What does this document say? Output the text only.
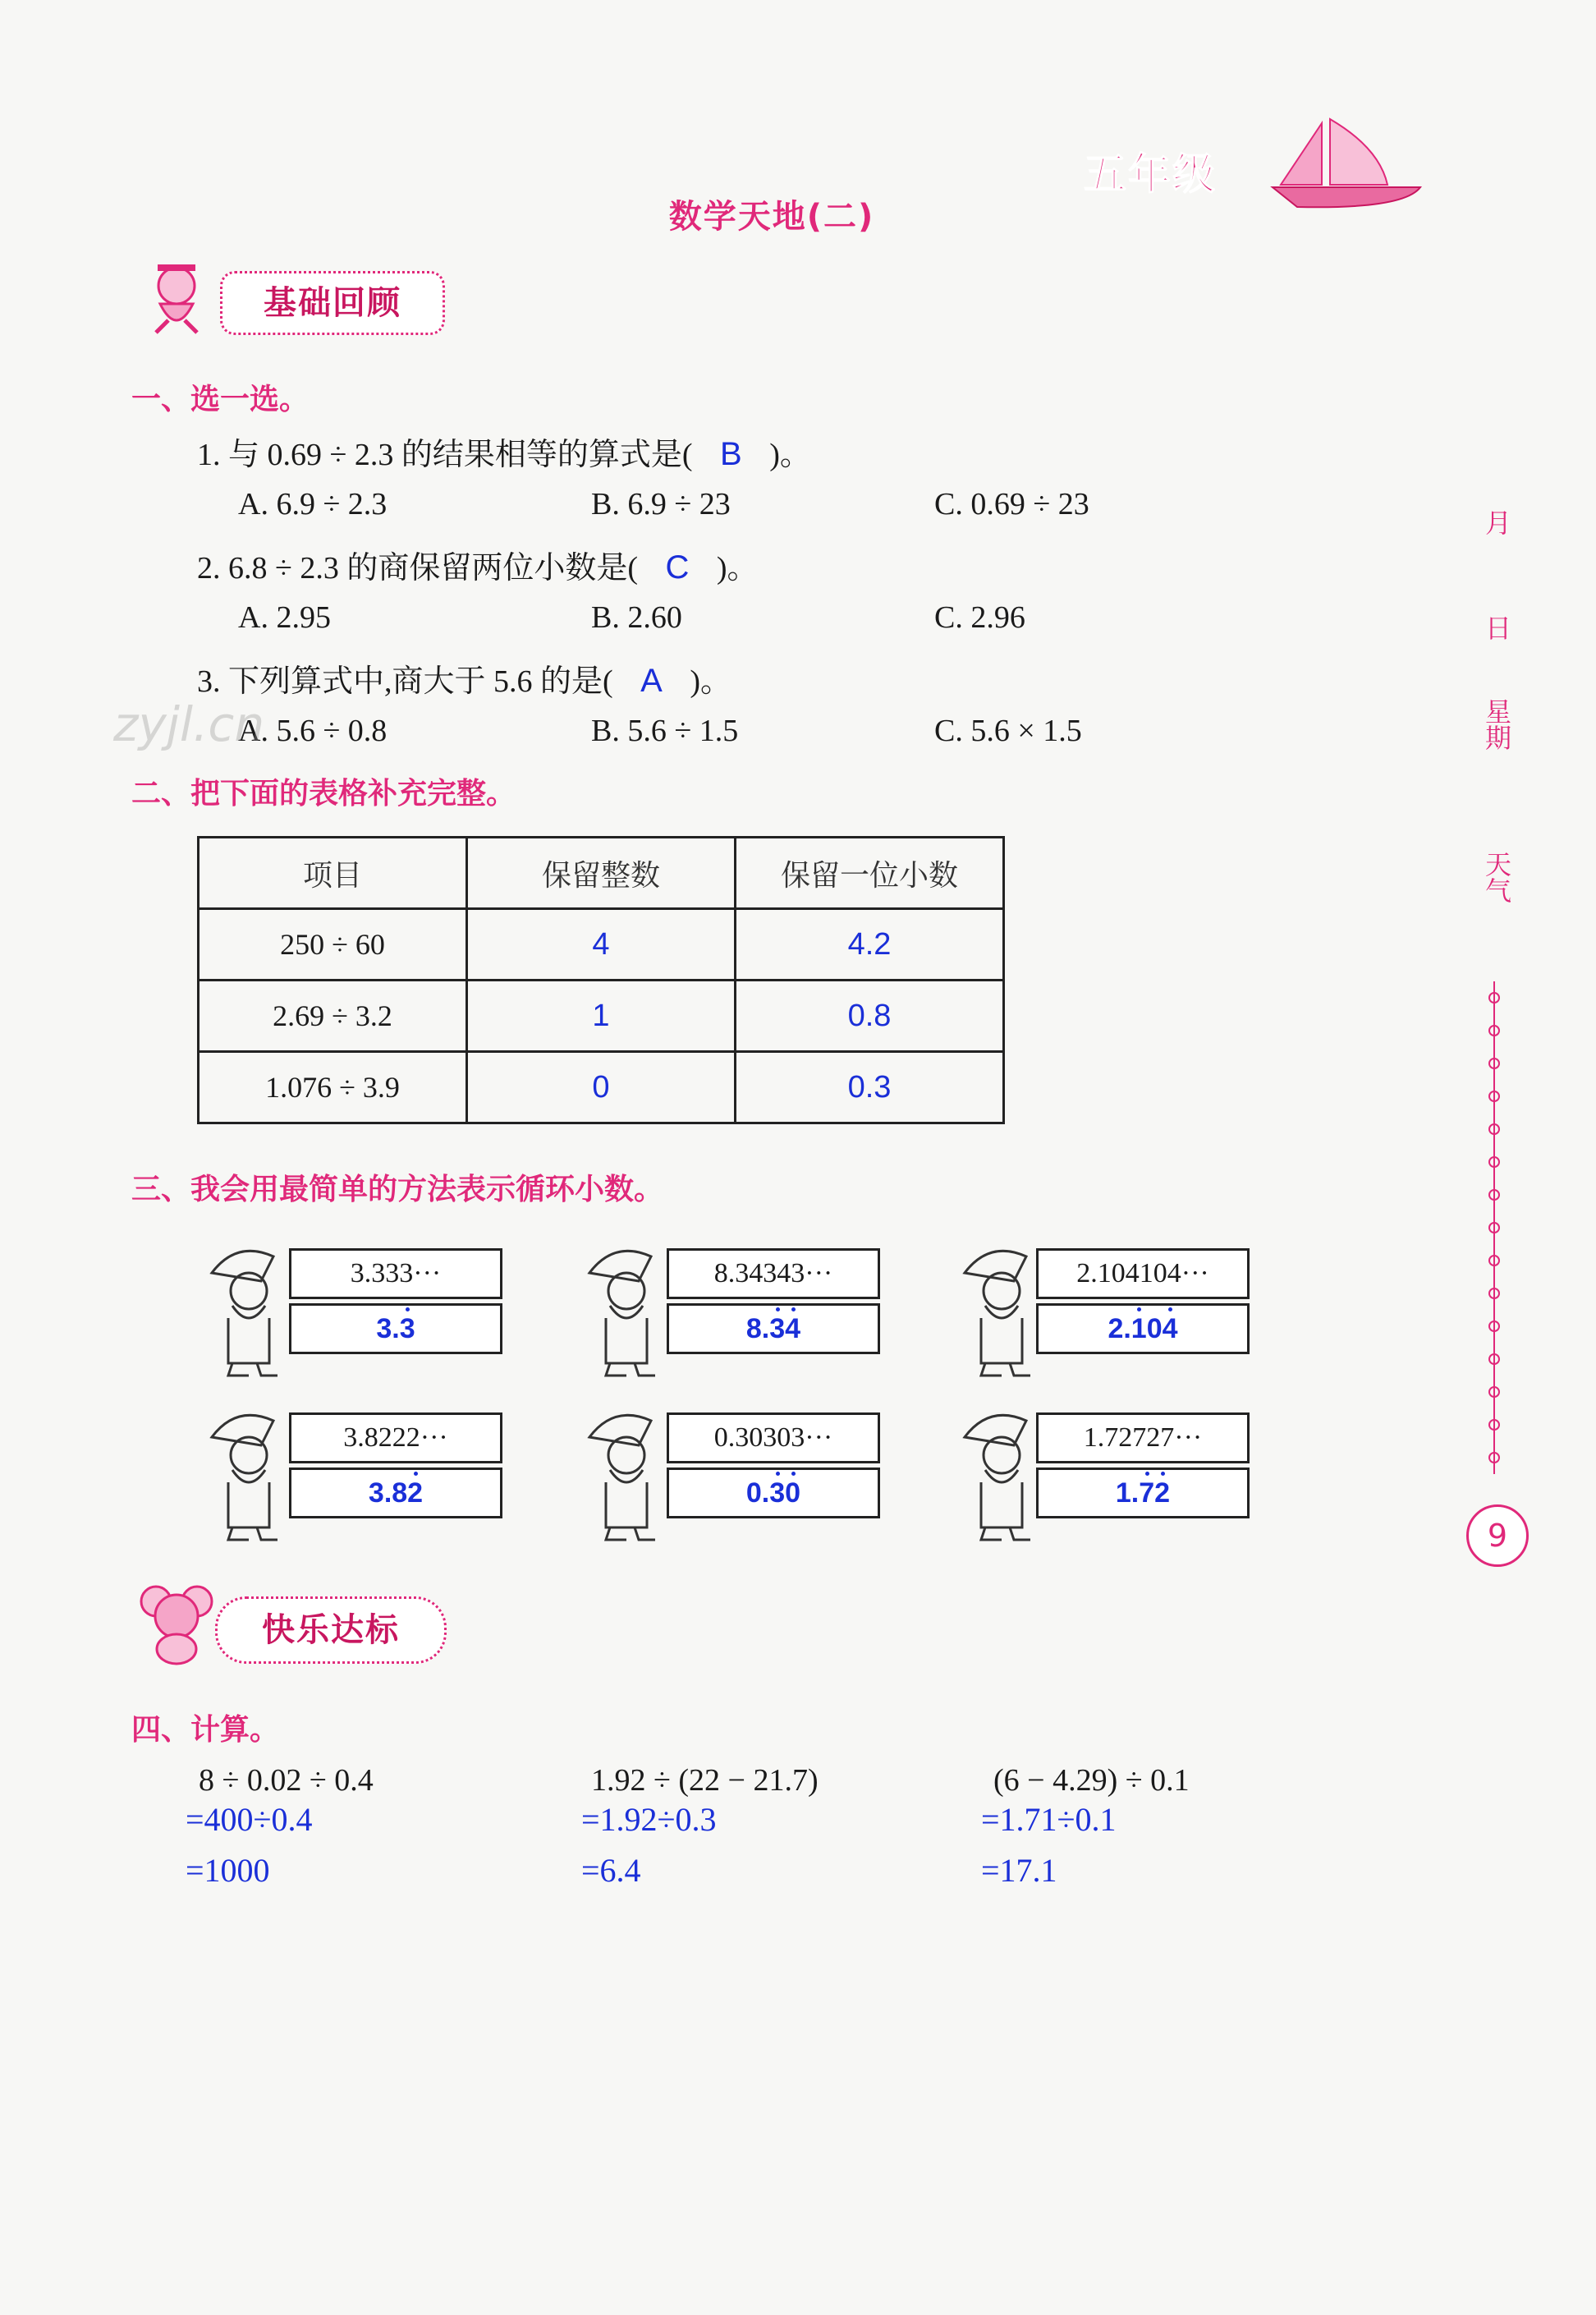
五年级
数学天地(二)
基础回顾
一、选一选。
1. 与 0.69 ÷ 2.3 的结果相等的算式是( B )。
A. 6.9 ÷ 2.3	B. 6.9 ÷ 23	C. 0.69 ÷ 23
2. 6.8 ÷ 2.3 的商保留两位小数是( C )。
A. 2.95	B. 2.60	C. 2.96
3. 下列算式中,商大于 5.6 的是( A )。
A. 5.6 ÷ 0.8	B. 5.6 ÷ 1.5	C. 5.6 × 1.5
zyjl.cn
二、把下面的表格补充完整。
项目	保留整数	保留一位小数
250 ÷ 60	4	4.2
2.69 ÷ 3.2	1	0.8
1.076 ÷ 3.9	0	0.3
三、我会用最简单的方法表示循环小数。
3.333···
3.3
8.34343···
8.34
2.104104···
2.104
3.8222···
3.82
0.30303···
0.30
1.72727···
1.72
快乐达标
四、计算。
8 ÷ 0.02 ÷ 0.4
=400÷0.4
=1000
1.92 ÷ (22 − 21.7)
=1.92÷0.3
=6.4
(6 − 4.29) ÷ 0.1
=1.71÷0.1
=17.1
月
日
星期
天气
9
